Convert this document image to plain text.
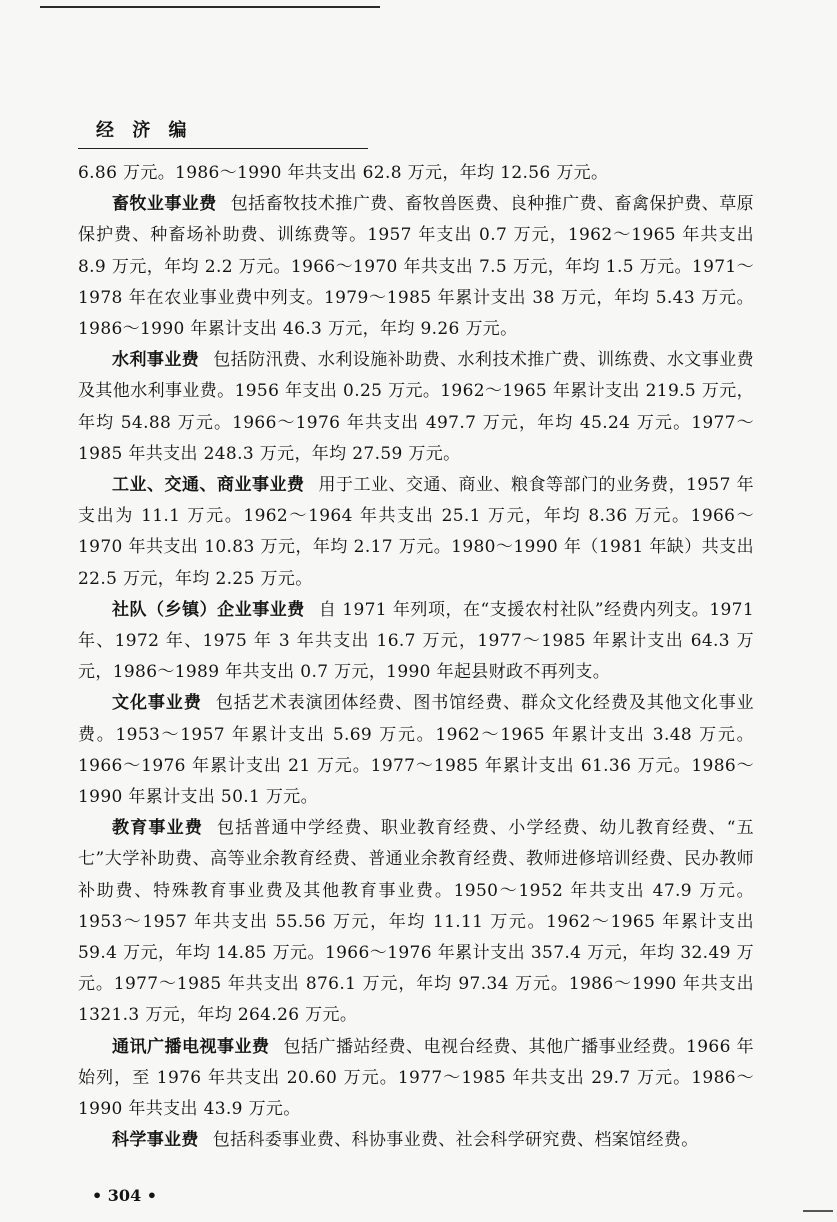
经 济 编

6.86 万元。1986～1990 年共支出 62.8 万元，年均 12.56 万元。

畜牧业事业费 包括畜牧技术推广费、畜牧兽医费、良种推广费、畜禽保护费、草原保护费、种畜场补助费、训练费等。1957 年支出 0.7 万元，1962～1965 年共支出 8.9 万元，年均 2.2 万元。1966～1970 年共支出 7.5 万元，年均 1.5 万元。1971～1978 年在农业事业费中列支。1979～1985 年累计支出 38 万元，年均 5.43 万元。1986～1990 年累计支出 46.3 万元，年均 9.26 万元。

水利事业费 包括防汛费、水利设施补助费、水利技术推广费、训练费、水文事业费及其他水利事业费。1956 年支出 0.25 万元。1962～1965 年累计支出 219.5 万元，年均 54.88 万元。1966～1976 年共支出 497.7 万元，年均 45.24 万元。1977～1985 年共支出 248.3 万元，年均 27.59 万元。

工业、交通、商业事业费 用于工业、交通、商业、粮食等部门的业务费，1957 年支出为 11.1 万元。1962～1964 年共支出 25.1 万元，年均 8.36 万元。1966～1970 年共支出 10.83 万元，年均 2.17 万元。1980～1990 年（1981 年缺）共支出 22.5 万元，年均 2.25 万元。

社队（乡镇）企业事业费 自 1971 年列项，在“支援农村社队”经费内列支。1971 年、1972 年、1975 年 3 年共支出 16.7 万元，1977～1985 年累计支出 64.3 万元，1986～1989 年共支出 0.7 万元，1990 年起县财政不再列支。

文化事业费 包括艺术表演团体经费、图书馆经费、群众文化经费及其他文化事业费。1953～1957 年累计支出 5.69 万元。1962～1965 年累计支出 3.48 万元。1966～1976 年累计支出 21 万元。1977～1985 年累计支出 61.36 万元。1986～1990 年累计支出 50.1 万元。

教育事业费 包括普通中学经费、职业教育经费、小学经费、幼儿教育经费、“五七”大学补助费、高等业余教育经费、普通业余教育经费、教师进修培训经费、民办教师补助费、特殊教育事业费及其他教育事业费。1950～1952 年共支出 47.9 万元。1953～1957 年共支出 55.56 万元，年均 11.11 万元。1962～1965 年累计支出 59.4 万元，年均 14.85 万元。1966～1976 年累计支出 357.4 万元，年均 32.49 万元。1977～1985 年共支出 876.1 万元，年均 97.34 万元。1986～1990 年共支出 1321.3 万元，年均 264.26 万元。

通讯广播电视事业费 包括广播站经费、电视台经费、其他广播事业经费。1966 年始列，至 1976 年共支出 20.60 万元。1977～1985 年共支出 29.7 万元。1986～1990 年共支出 43.9 万元。

科学事业费 包括科委事业费、科协事业费、社会科学研究费、档案馆经费。

• 304 •
